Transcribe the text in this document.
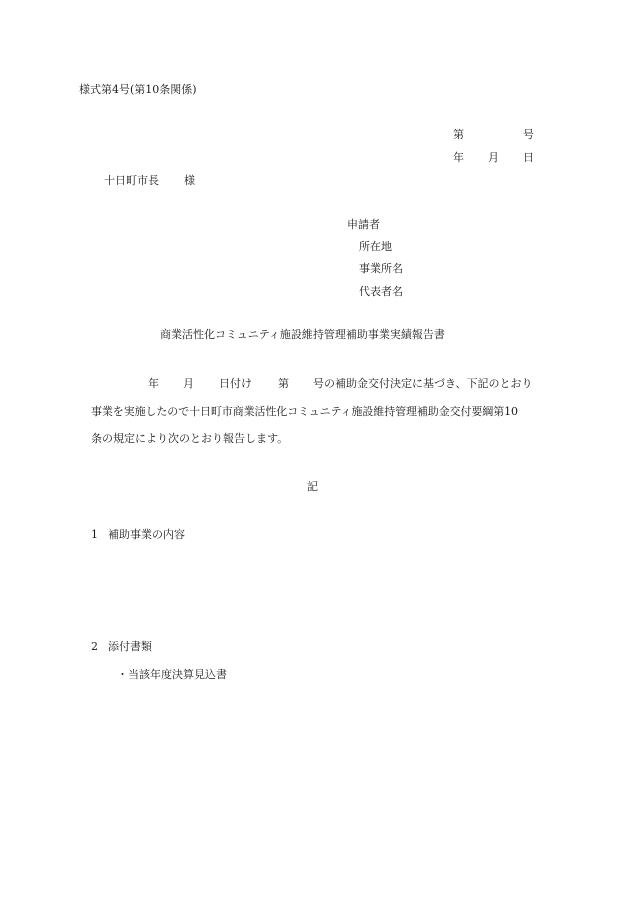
様式第4号(第10条関係)
第	号
年 月 日
十日町市長 様
申請者
所在地
事業所名
代表者名
商業活性化コミュニティ施設維持管理補助事業実績報告書
年 月 日付け 第 号の補助金交付決定に基づき、下記のとおり
事業を実施したので十日町市商業活性化コミュニティ施設維持管理補助金交付要綱第10
条の規定により次のとおり報告します。
記
1 補助事業の内容
2 添付書類
・当該年度決算見込書
